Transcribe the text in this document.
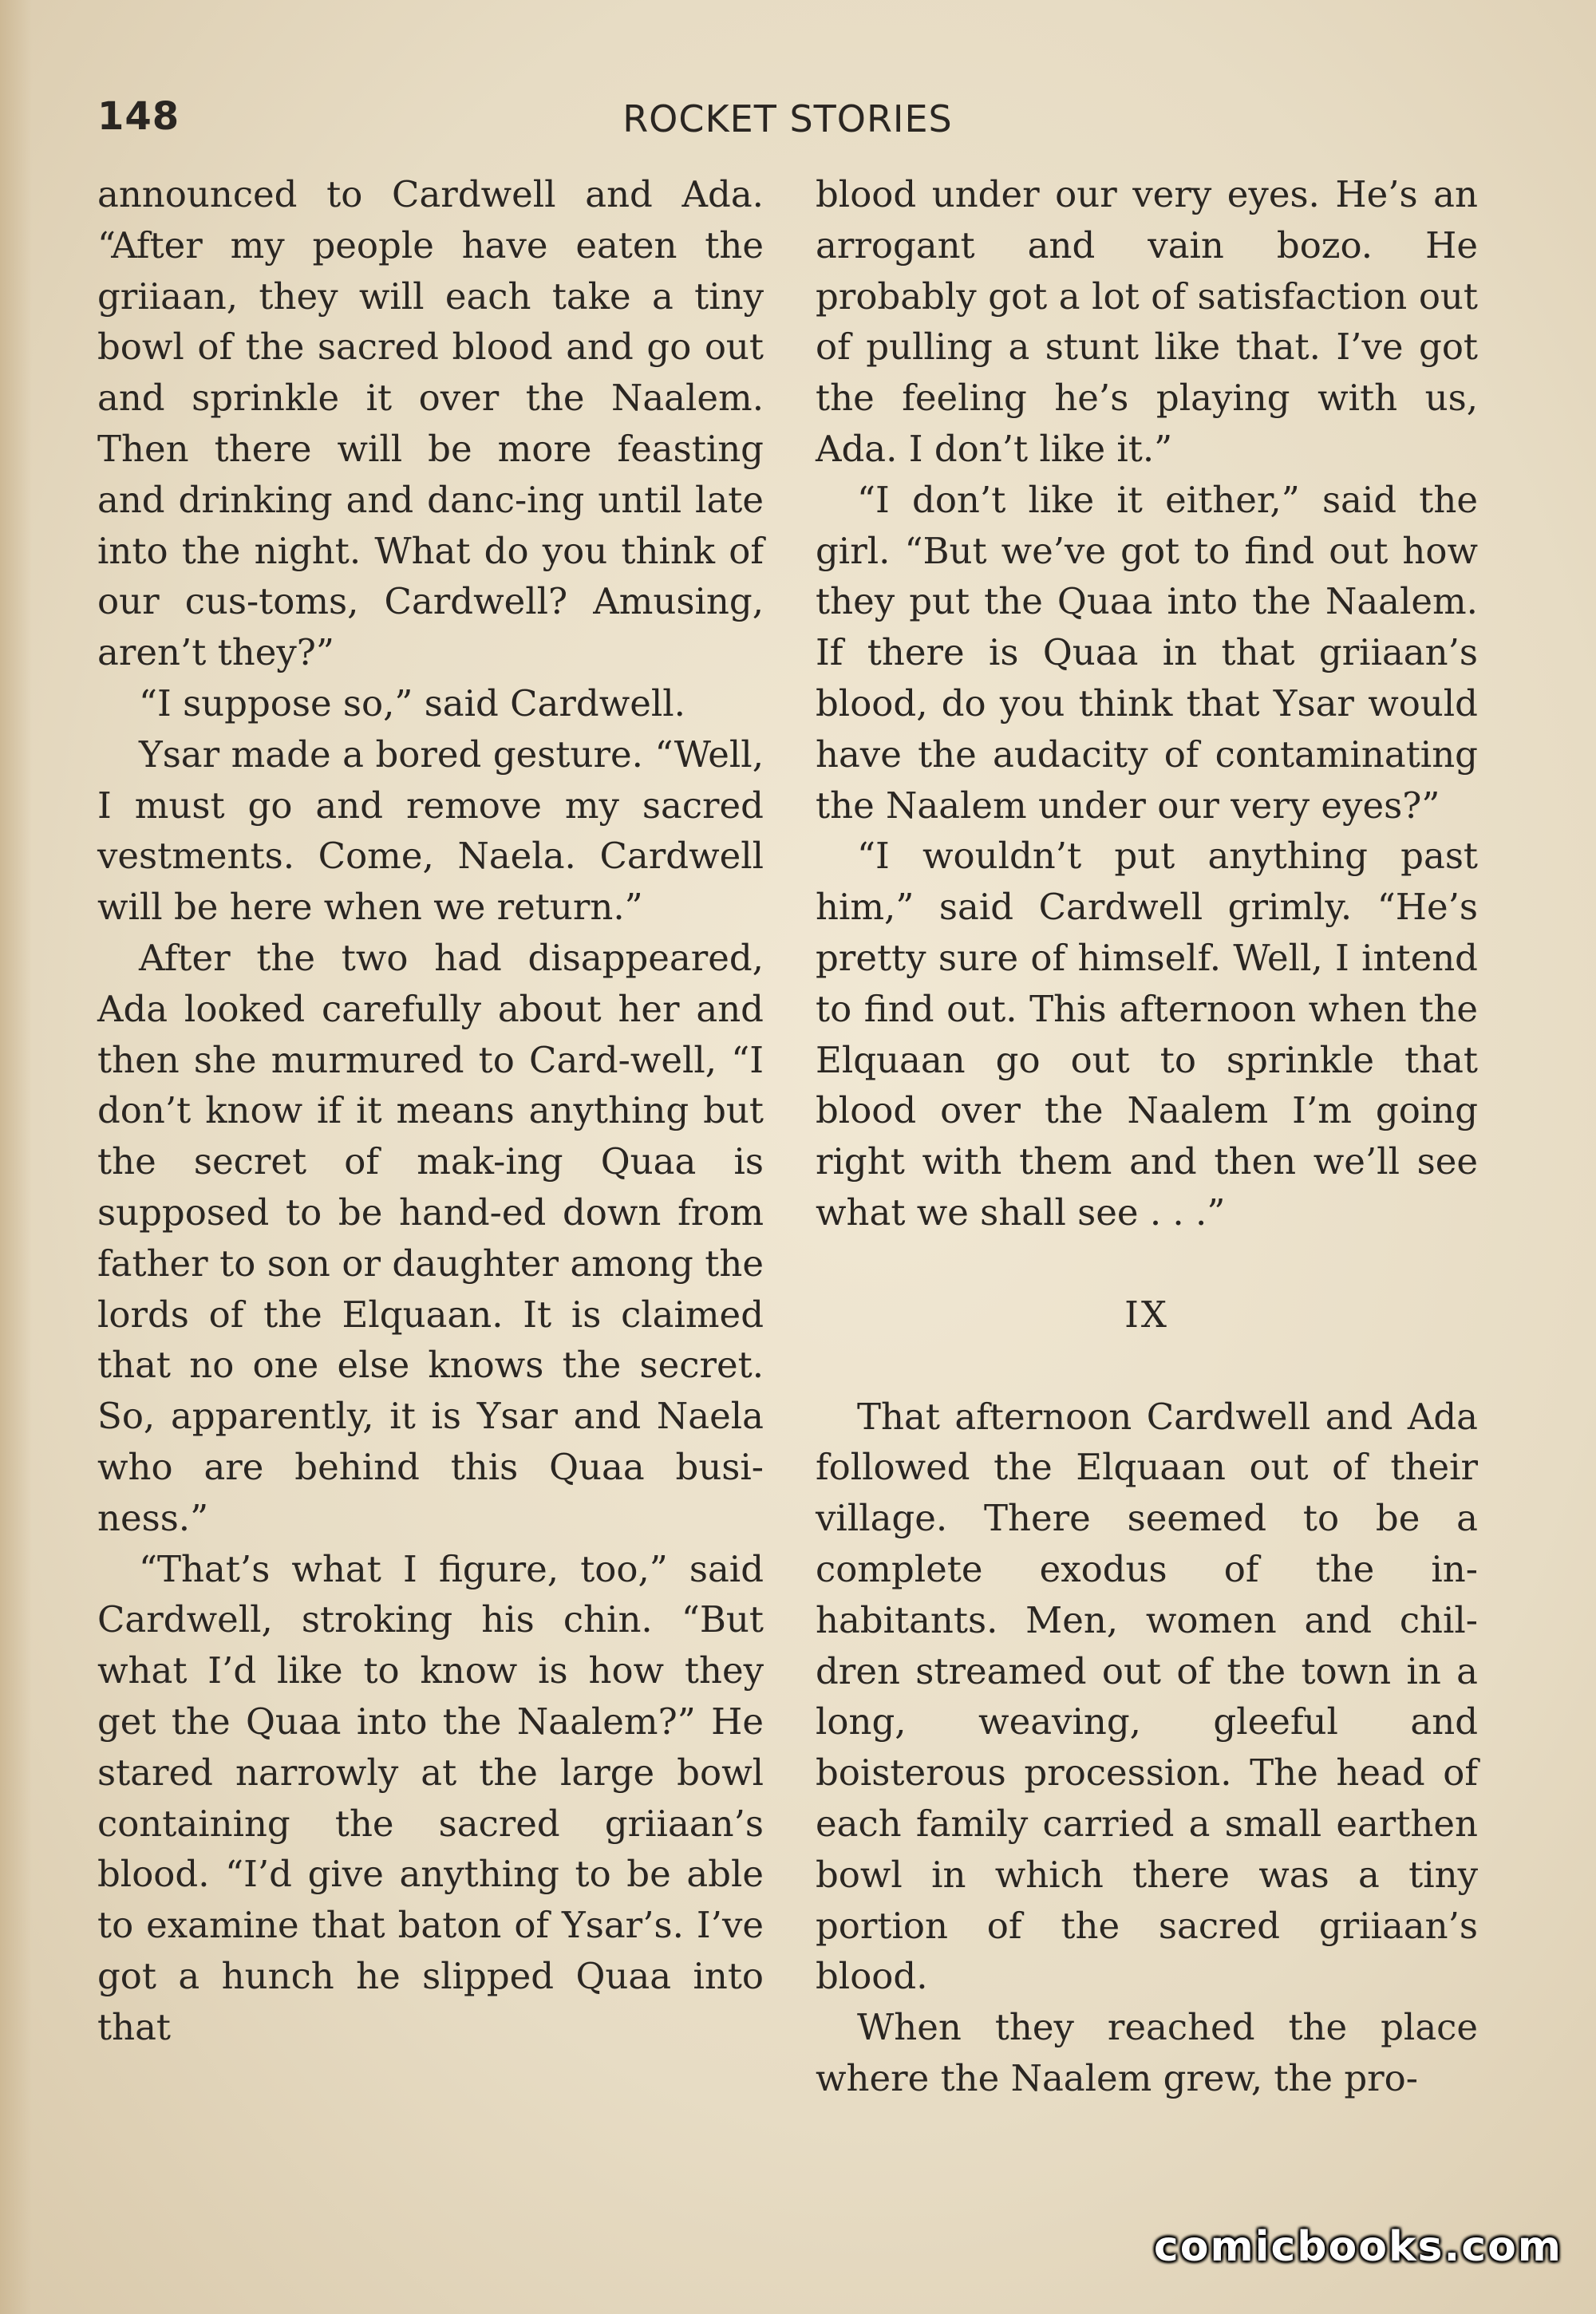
148	ROCKET STORIES

announced to Cardwell and Ada. “After my people have eaten the griiaan, they will each take a tiny bowl of the sacred blood and go out and sprinkle it over the Naalem. Then there will be more feasting and drinking and danc-ing until late into the night. What do you think of our cus-toms, Cardwell? Amusing, aren’t they?”

“I suppose so,” said Cardwell.

Ysar made a bored gesture. “Well, I must go and remove my sacred vestments. Come, Naela. Cardwell will be here when we return.”

After the two had disappeared, Ada looked carefully about her and then she murmured to Card-well, “I don’t know if it means anything but the secret of mak-ing Quaa is supposed to be hand-ed down from father to son or daughter among the lords of the Elquaan. It is claimed that no one else knows the secret. So, apparently, it is Ysar and Naela who are behind this Quaa busi-ness.”

“That’s what I figure, too,” said Cardwell, stroking his chin. “But what I’d like to know is how they get the Quaa into the Naalem?” He stared narrowly at the large bowl containing the sacred griiaan’s blood. “I’d give anything to be able to examine that baton of Ysar’s. I’ve got a hunch he slipped Quaa into that

blood under our very eyes. He’s an arrogant and vain bozo. He probably got a lot of satisfaction out of pulling a stunt like that. I’ve got the feeling he’s playing with us, Ada. I don’t like it.”

“I don’t like it either,” said the girl. “But we’ve got to find out how they put the Quaa into the Naalem. If there is Quaa in that griiaan’s blood, do you think that Ysar would have the audacity of contaminating the Naalem under our very eyes?”

“I wouldn’t put anything past him,” said Cardwell grimly. “He’s pretty sure of himself. Well, I intend to find out. This afternoon when the Elquaan go out to sprinkle that blood over the Naalem I’m going right with them and then we’ll see what we shall see . . .”

IX

That afternoon Cardwell and Ada followed the Elquaan out of their village. There seemed to be a complete exodus of the in-habitants. Men, women and chil-dren streamed out of the town in a long, weaving, gleeful and boisterous procession. The head of each family carried a small earthen bowl in which there was a tiny portion of the sacred griiaan’s blood.

When they reached the place where the Naalem grew, the pro-

comicbooks.com
